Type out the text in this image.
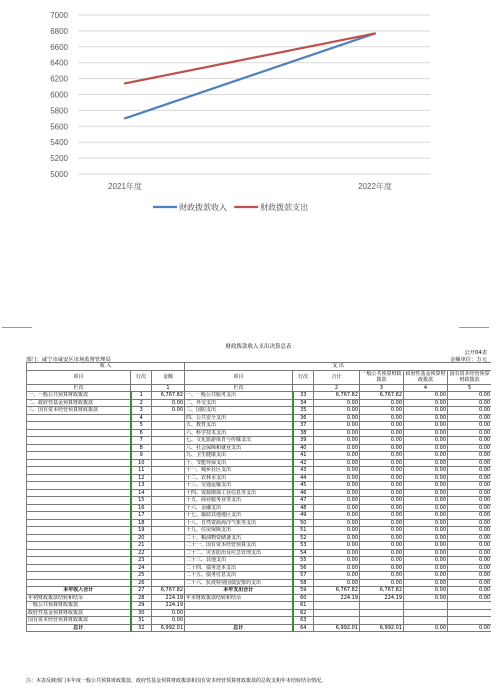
5000
5200
5400
5600
5800
6000
6200
6400
6600
6800
7000
2021年度	2022年度
财政拨款收入	财政拨款支出
财政拨款收入支出决算总表
公开04表
部门：咸宁市咸安区市场监督管理局	金额单位：万元
收 入			支 出					
项目	行次	金额	项目	行次	合计	一般公共预算财政拨款	政府性基金预算财政拨款	国有资本经营预算财政拨款
栏次		1	栏次		2	3	4	5
一、一般公共预算财政拨款	1	6,767.82	一、一般公共服务支出	33	6,767.82	6,767.82	0.00	0.00
二、政府性基金预算财政拨款	2	0.00	二、外交支出	34	0.00	0.00	0.00	0.00
三、国有资本经营预算财政拨款	3	0.00	三、国防支出	35	0.00	0.00	0.00	0.00
	4		四、公共安全支出	36	0.00	0.00	0.00	0.00
	5		五、教育支出	37	0.00	0.00	0.00	0.00
	6		六、科学技术支出	38	0.00	0.00	0.00	0.00
	7		七、文化旅游体育与传媒支出	39	0.00	0.00	0.00	0.00
	8		八、社会保障和就业支出	40	0.00	0.00	0.00	0.00
	9		九、卫生健康支出	41	0.00	0.00	0.00	0.00
	10		十、节能环保支出	42	0.00	0.00	0.00	0.00
	11		十一、城乡社区支出	43	0.00	0.00	0.00	0.00
	12		十二、农林水支出	44	0.00	0.00	0.00	0.00
	13		十三、交通运输支出	45	0.00	0.00	0.00	0.00
	14		十四、资源勘探工业信息等支出	46	0.00	0.00	0.00	0.00
	15		十五、商业服务业等支出	47	0.00	0.00	0.00	0.00
	16		十六、金融支出	48	0.00	0.00	0.00	0.00
	17		十七、援助其他地区支出	49	0.00	0.00	0.00	0.00
	18		十八、自然资源海洋气象等支出	50	0.00	0.00	0.00	0.00
	19		十九、住房保障支出	51	0.00	0.00	0.00	0.00
	20		二十、粮油物资储备支出	52	0.00	0.00	0.00	0.00
	21		二十一、国有资本经营预算支出	53	0.00	0.00	0.00	0.00
	22		二十二、灾害防治及应急管理支出	54	0.00	0.00	0.00	0.00
	23		二十三、其他支出	55	0.00	0.00	0.00	0.00
	24		二十四、债务还本支出	56	0.00	0.00	0.00	0.00
	25		二十五、债务付息支出	57	0.00	0.00	0.00	0.00
	26		二十六、抗疫特别国债安排的支出	58	0.00	0.00	0.00	0.00
本年收入合计	27	6,767.82	本年支出合计	59	6,767.82	6,767.82	0.00	0.00
年初财政拨款结转和结余	28	224.19	年末财政拨款结转和结余	60	224.19	224.19	0.00	0.00
一般公共预算财政拨款	29	224.19		61				
政府性基金预算财政拨款	30	0.00		62				
国有资本经营预算财政拨款	31	0.00		63				
总计	32	6,992.01	总计	64	6,992.01	6,992.01	0.00	0.00
注：本表反映部门本年度一般公共预算财政拨款、政府性基金预算财政拨款和国有资本经营预算财政拨款的总收支和年末结转结余情况。
